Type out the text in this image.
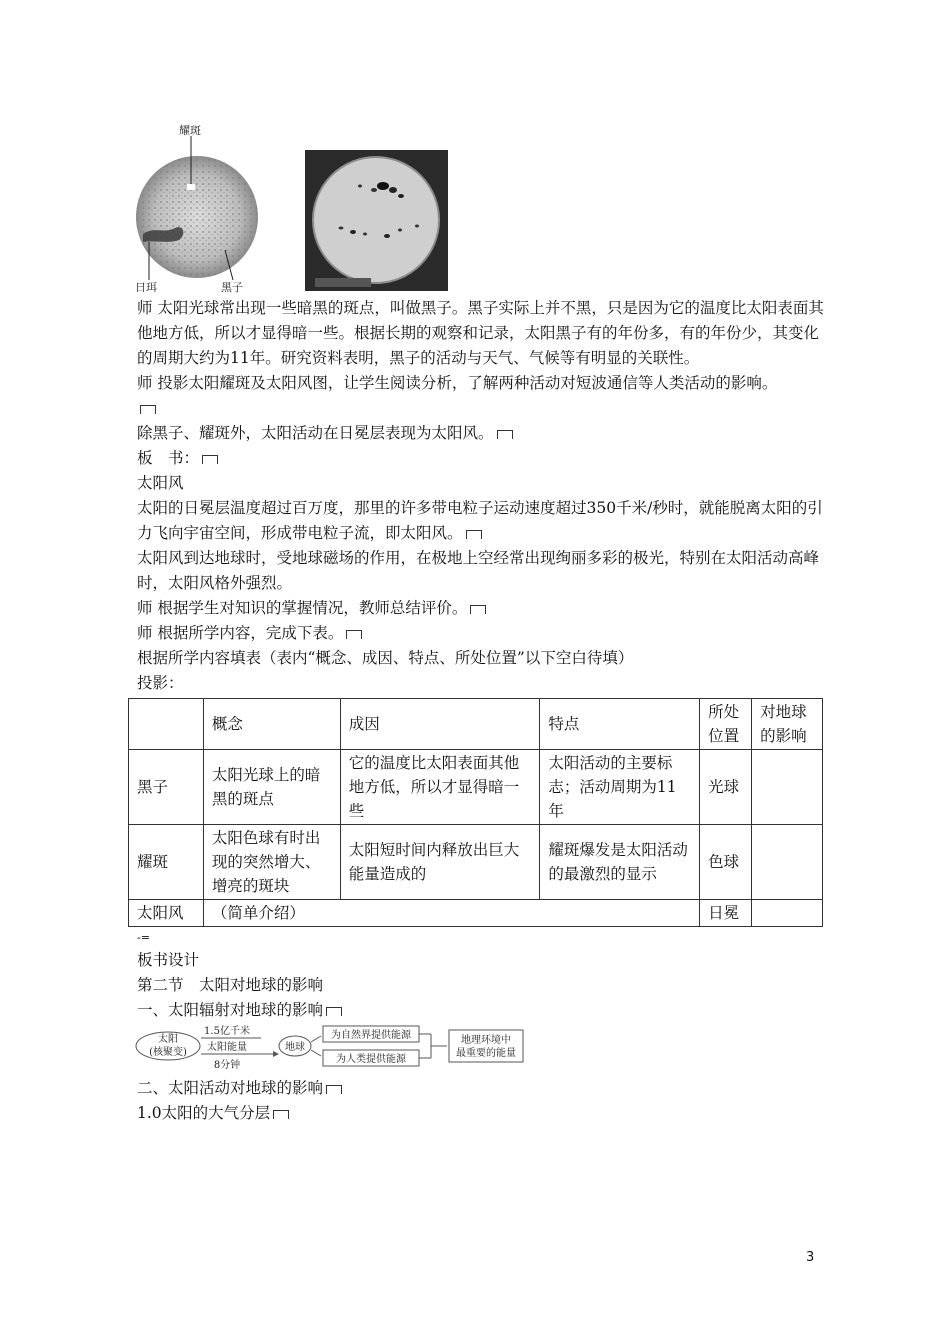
耀斑
日珥	黑子

师 太阳光球常出现一些暗黑的斑点，叫做黑子。黑子实际上并不黑，只是因为它的温度比太阳表面其他地方低，所以才显得暗一些。根据长期的观察和记录，太阳黑子有的年份多，有的年份少，其变化的周期大约为11年。研究资料表明，黑子的活动与天气、气候等有明显的关联性。

师 投影太阳耀斑及太阳风图，让学生阅读分析，了解两种活动对短波通信等人类活动的影响。

除黑子、耀斑外，太阳活动在日冕层表现为太阳风。

板　书：

太阳风

太阳的日冕层温度超过百万度，那里的许多带电粒子运动速度超过350千米/秒时，就能脱离太阳的引力飞向宇宙空间，形成带电粒子流，即太阳风。

太阳风到达地球时，受地球磁场的作用，在极地上空经常出现绚丽多彩的极光，特别在太阳活动高峰时，太阳风格外强烈。

师 根据学生对知识的掌握情况，教师总结评价。

师 根据所学内容，完成下表。

根据所学内容填表（表内“概念、成因、特点、所处位置”以下空白待填）

投影：

	概念	成因	特点	所处位置	对地球的影响
黑子	太阳光球上的暗黑的斑点	它的温度比太阳表面其他地方低，所以才显得暗一些	太阳活动的主要标志；活动周期为11年	光球	
耀斑	太阳色球有时出现的突然增大、增亮的斑块	太阳短时间内释放出巨大能量造成的	耀斑爆发是太阳活动的最激烈的显示	色球	
太阳风	（简单介绍）			日冕	

-=

板书设计

第二节　太阳对地球的影响

一、太阳辐射对地球的影响

太阳
(核聚变)
1.5亿千米
太阳能量
8分钟
地球
为自然界提供能源
为人类提供能源
地理环境中
最重要的能量

二、太阳活动对地球的影响

1.0太阳的大气分层

3
